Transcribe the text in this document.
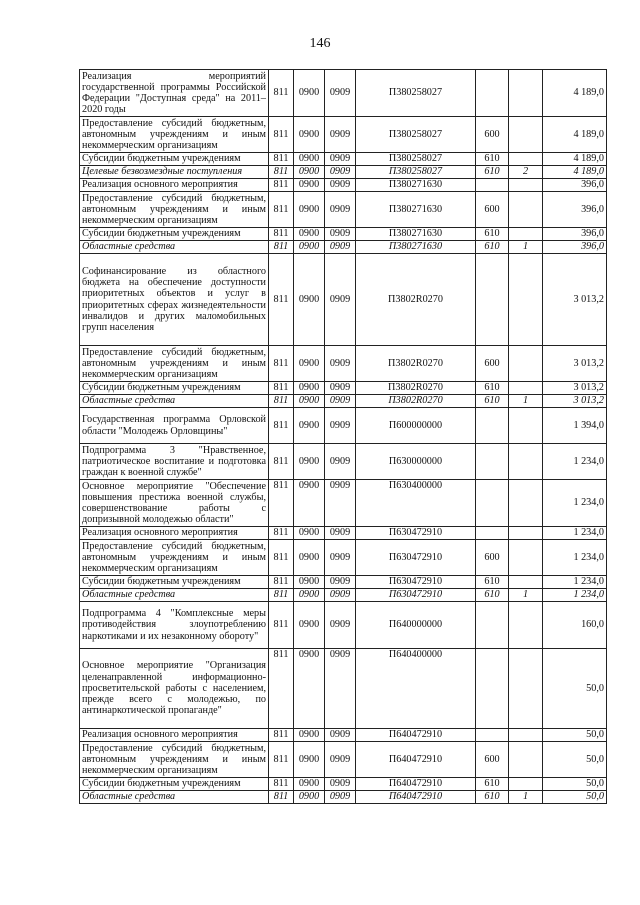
146
Реализация мероприятий государственной программы Российской Федерации "Доступная среда" на 2011–2020 годы	811	0900	0909	П380258027			4 189,0
Предоставление субсидий бюджетным, автономным учреждениям и иным некоммерческим организациям	811	0900	0909	П380258027	600		4 189,0
Субсидии бюджетным учреждениям	811	0900	0909	П380258027	610		4 189,0
Целевые безвозмездные поступления	811	0900	0909	П380258027	610	2	4 189,0
Реализация основного мероприятия	811	0900	0909	П380271630			396,0
Предоставление субсидий бюджетным, автономным учреждениям и иным некоммерческим организациям	811	0900	0909	П380271630	600		396,0
Субсидии бюджетным учреждениям	811	0900	0909	П380271630	610		396,0
Областные средства	811	0900	0909	П380271630	610	1	396,0
Софинансирование из областного бюджета на обеспечение доступности приоритетных объектов и услуг в приоритетных сферах жизнедеятельности инвалидов и других маломобильных групп населения	811	0900	0909	П3802R0270			3 013,2
Предоставление субсидий бюджетным, автономным учреждениям и иным некоммерческим организациям	811	0900	0909	П3802R0270	600		3 013,2
Субсидии бюджетным учреждениям	811	0900	0909	П3802R0270	610		3 013,2
Областные средства	811	0900	0909	П3802R0270	610	1	3 013,2
Государственная программа Орловской области "Молодежь Орловщины"	811	0900	0909	П600000000			1 394,0
Подпрограмма 3 "Нравственное, патриотическое воспитание и подготовка граждан к военной службе"	811	0900	0909	П630000000			1 234,0
Основное мероприятие "Обеспечение повышения престижа военной службы, совершенствование работы с допризывной молодежью области"	811	0900	0909	П630400000			1 234,0
Реализация основного мероприятия	811	0900	0909	П630472910			1 234,0
Предоставление субсидий бюджетным, автономным учреждениям и иным некоммерческим организациям	811	0900	0909	П630472910	600		1 234,0
Субсидии бюджетным учреждениям	811	0900	0909	П630472910	610		1 234,0
Областные средства	811	0900	0909	П630472910	610	1	1 234,0
Подпрограмма 4 "Комплексные меры противодействия злоупотреблению наркотиками и их незаконному обороту"	811	0900	0909	П640000000			160,0
Основное мероприятие "Организация целенаправленной информационно-просветительской работы с населением, прежде всего с молодежью, по антинаркотической пропаганде"	811	0900	0909	П640400000			50,0
Реализация основного мероприятия	811	0900	0909	П640472910			50,0
Предоставление субсидий бюджетным, автономным учреждениям и иным некоммерческим организациям	811	0900	0909	П640472910	600		50,0
Субсидии бюджетным учреждениям	811	0900	0909	П640472910	610		50,0
Областные средства	811	0900	0909	П640472910	610	1	50,0
